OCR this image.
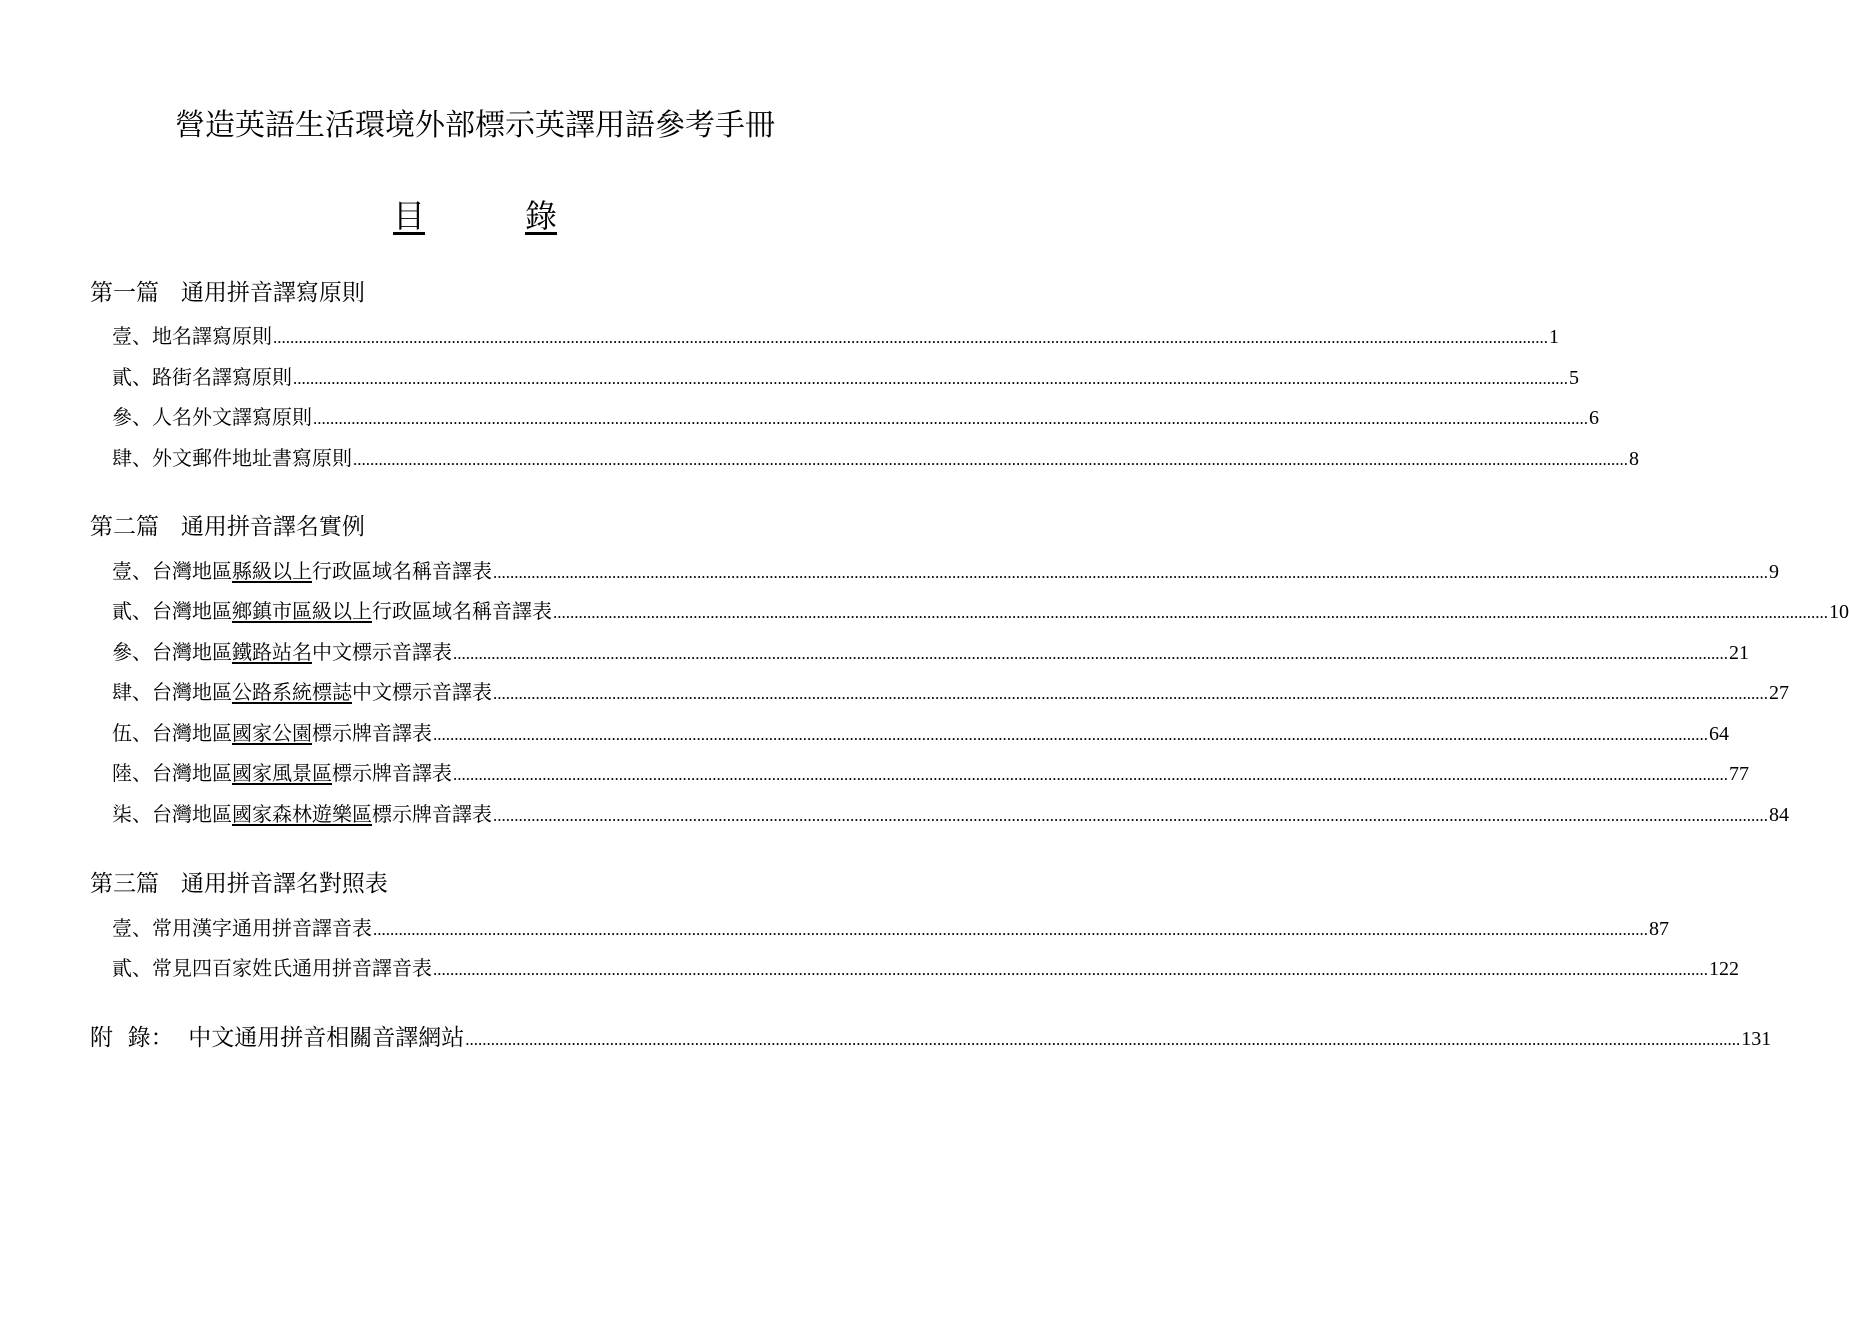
營造英語生活環境外部標示英譯用語參考手冊
目	錄
第一篇   通用拼音譯寫原則
壹、地名譯寫原則 ............................................................................................................................................................................................................................................................................................................ 1
貳、路街名譯寫原則 ............................................................................................................................................................................................................................................................................................................ 5
參、人名外文譯寫原則 ............................................................................................................................................................................................................................................................................................................ 6
肆、外文郵件地址書寫原則 ............................................................................................................................................................................................................................................................................................................ 8
第二篇   通用拼音譯名實例
壹、台灣地區縣級以上行政區域名稱音譯表 ............................................................................................................................................................................................................................................................................................................ 9
貳、台灣地區鄉鎮市區級以上行政區域名稱音譯表 ............................................................................................................................................................................................................................................................................................................ 10
參、台灣地區鐵路站名中文標示音譯表 ............................................................................................................................................................................................................................................................................................................ 21
肆、台灣地區公路系統標誌中文標示音譯表 ............................................................................................................................................................................................................................................................................................................ 27
伍、台灣地區國家公園標示牌音譯表 ............................................................................................................................................................................................................................................................................................................ 64
陸、台灣地區國家風景區標示牌音譯表 ............................................................................................................................................................................................................................................................................................................ 77
柒、台灣地區國家森林遊樂區標示牌音譯表 ............................................................................................................................................................................................................................................................................................................ 84
第三篇   通用拼音譯名對照表
壹、常用漢字通用拼音譯音表 ............................................................................................................................................................................................................................................................................................................ 87
貳、常見四百家姓氏通用拼音譯音表 ............................................................................................................................................................................................................................................................................................................ 122
附  錄：  中文通用拼音相關音譯網站 ............................................................................................................................................................................................................................................................................................................ 131
